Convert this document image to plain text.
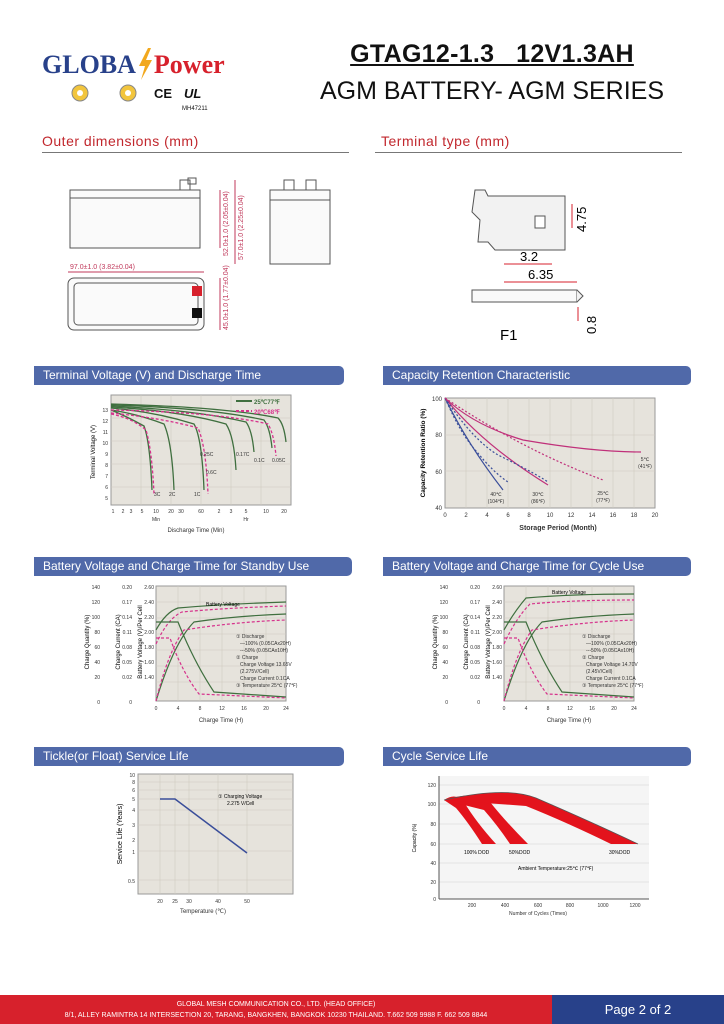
GLOBA Power
CE UL
MH47211
GTAG12-1.3   12V1.3AH
AGM BATTERY- AGM SERIES
Outer dimensions (mm)	Terminal type (mm)
52.0±1.0 (2.05±0.04) 57.0±1.0 (2.25±0.04)
97.0±1.0 (3.82±0.04)	45.0±1.0 (1.77±0.04)
4.75
3.2
6.35
0.8
F1
Terminal Voltage (V) and Discharge Time	Capacity Retention Characteristic
Battery Voltage and Charge Time for Standby Use	Battery Voltage and Charge Time for Cycle Use
Tickle(or Float) Service Life	Cycle Service Life
25℃77℉
20℃68℉
0.05C
0.1C
0.17C
0.25C
0.6C
1C
2C
3C
13
12
11
10
9
8
7
6
5
1 2 3 5 10 20 30	60	2 3 5	10 20
Min	Hr
Discharge Time (Min)
Terminal Voltage (V)
40℃
(104℉)
30℃
(86℉)
25℃
(77℉)
5℃
(41℉)
100
80
60
40
0	2	4	6	8	10 12 14 16 18 20
Storage Period (Month)
Capacity Retention Ratio (%)
Battery Voltage
① Discharge
—100% (0.05CAx20H)
---50% (0.05CAx10H)
② Charge
Charge Voltage 13.65V
(2.275V/Cell)
Charge Current 0.1CA
③ Temperature 25℃ (77℉)
140
120
100
80
60
40
20
0
0.20
0.17
0.14
0.11
0.08
0.05
0.02
0
2.60
2.40
2.20
2.00
1.80
1.60
1.40
0	4	8	12	16	20	24
Charge Time (H)
Charge Quantity (%)	Charge Current (CA)	Battery Voltage (V)/Per Cell
Battery Voltage
① Discharge
—100% (0.05CAx20H)
---50% (0.05CAx10H)
② Charge
Charge Voltage 14.70V
(2.45V/Cell)
Charge Current 0.1CA
③ Temperature 25℃ (77℉)
140
120
100
80
60
40
20
0
0.20
0.17
0.14
0.11
0.08
0.05
0.02
0
2.60
2.40
2.20
2.00
1.80
1.60
1.40
0	4	8	12	16	20	24
Charge Time (H)
Charge Quantity (%)	Charge Current (CA)	Battery Voltage (V)/Per Cell
① Charging Voltage
2.275 V/Cell
10
8
6
5
4
3
2
1
0.5
20 25 30	40	50
Temperature (℃)
Service Life (Years)	100% DOD	50%DOD	30%DOD
Ambient Temperature:25℃ (77℉)
120
100
80
60
40
20
0
200	400	600	800	1000	1200
Number of Cycles (Times)
Capacity (%)
GLOBAL MESH COMMUNICATION CO., LTD. (HEAD OFFICE)
8/1, ALLEY RAMINTRA 14 INTERSECTION 20, TARANG, BANGKHEN, BANGKOK 10230 THAILAND. T.662 509 9988 F. 662 509 8844	Page 2 of 2
